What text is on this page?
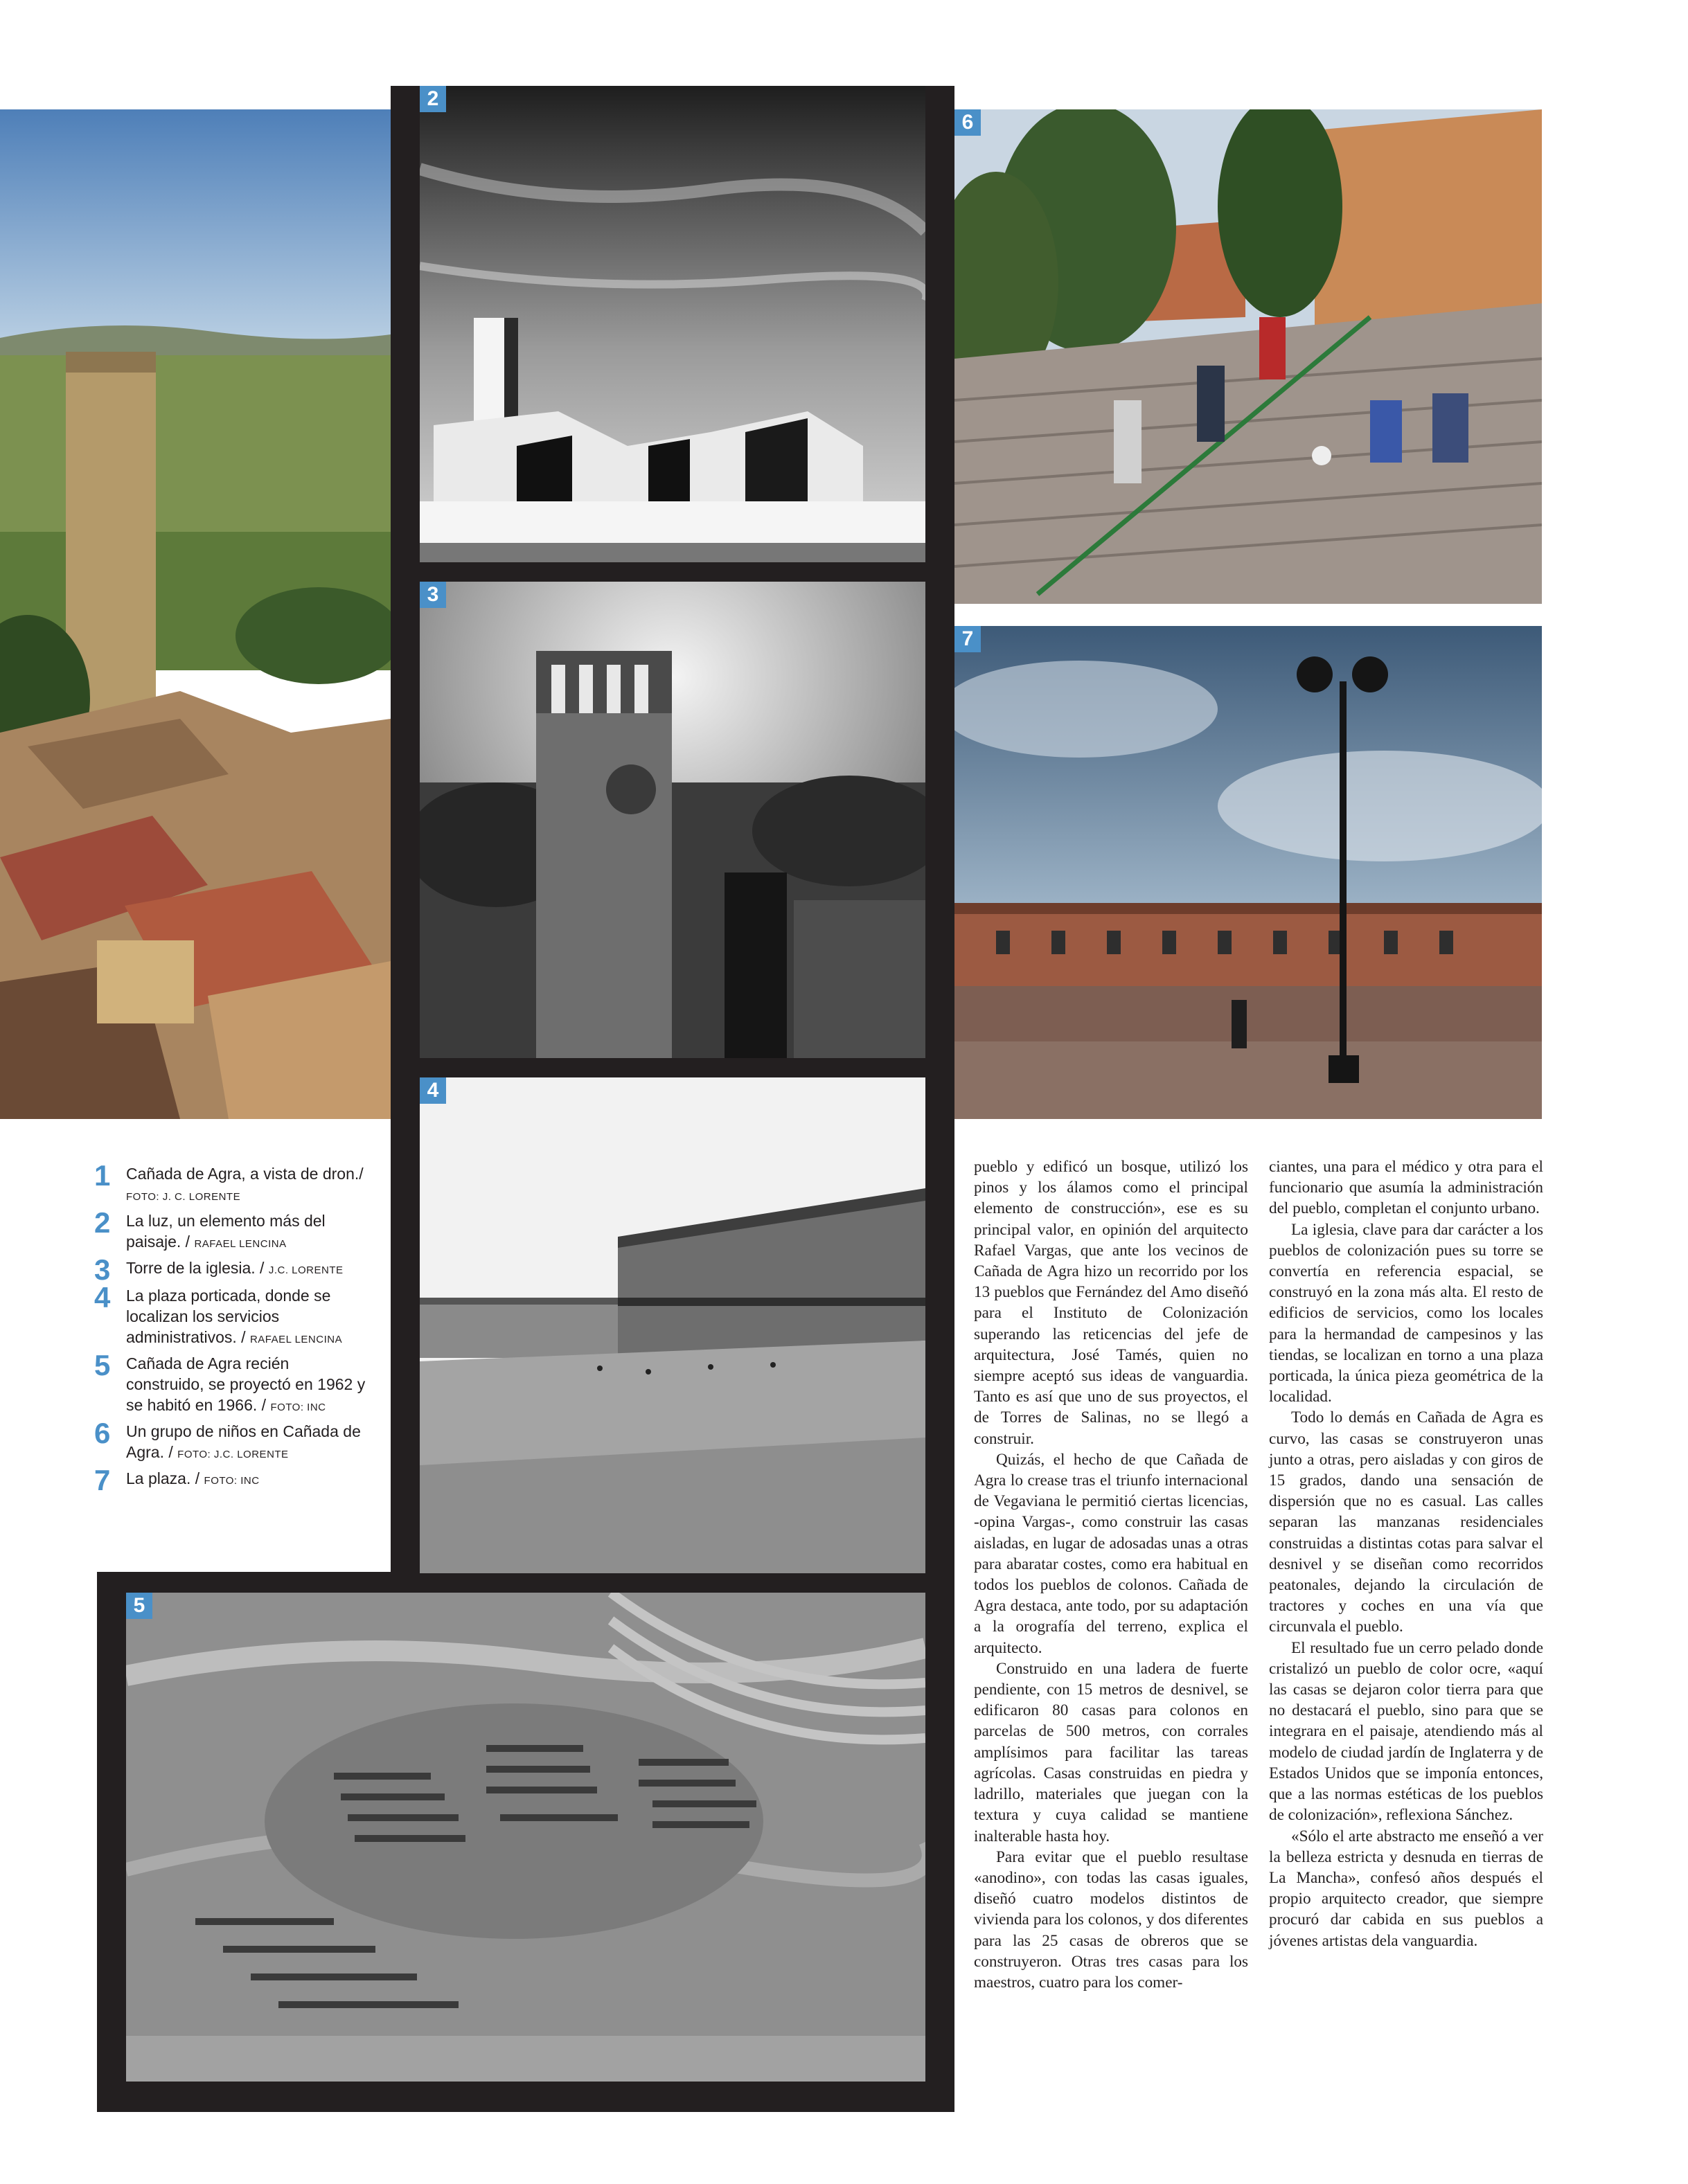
2
3
4
5
6
7
1 Cañada de Agra, a vista de dron./ FOTO: J. C. LORENTE
2 La luz, un elemento más del paisaje. / RAFAEL LENCINA
3 Torre de la iglesia. / J.C. LORENTE
4 La plaza porticada, donde se localizan los servicios administrativos. / RAFAEL LENCINA
5 Cañada de Agra recién construido, se proyectó en 1962 y se habitó en 1966. / FOTO: INC
6 Un grupo de niños en Cañada de Agra. / FOTO: J.C. LORENTE
7 La plaza. / FOTO: INC

pueblo y edificó un bosque, utilizó los pinos y los álamos como el principal elemento de construcción», ese es su principal valor, en opinión del arquitecto Rafael Vargas, que ante los vecinos de Cañada de Agra hizo un recorrido por los 13 pueblos que Fernández del Amo diseñó para el Instituto de Colonización superando las reticencias del jefe de arquitectura, José Tamés, quien no siempre aceptó sus ideas de vanguardia. Tanto es así que uno de sus proyectos, el de Torres de Salinas, no se llegó a construir.

Quizás, el hecho de que Cañada de Agra lo crease tras el triunfo internacional de Vegaviana le permitió ciertas licencias, -opina Vargas-, como construir las casas aisladas, en lugar de adosadas unas a otras para abaratar costes, como era habitual en todos los pueblos de colonos. Cañada de Agra destaca, ante todo, por su adaptación a la orografía del terreno, explica el arquitecto.

Construido en una ladera de fuerte pendiente, con 15 metros de desnivel, se edificaron 80 casas para colonos en parcelas de 500 metros, con corrales amplísimos para facilitar las tareas agrícolas. Casas construidas en piedra y ladrillo, materiales que juegan con la textura y cuya calidad se mantiene inalterable hasta hoy.

Para evitar que el pueblo resultase «anodino», con todas las casas iguales, diseñó cuatro modelos distintos de vivienda para los colonos, y dos diferentes para las 25 casas de obreros que se construyeron. Otras tres casas para los maestros, cuatro para los comer-

ciantes, una para el médico y otra para el funcionario que asumía la administración del pueblo, completan el conjunto urbano.

La iglesia, clave para dar carácter a los pueblos de colonización pues su torre se convertía en referencia espacial, se construyó en la zona más alta. El resto de edificios de servicios, como los locales para la hermandad de campesinos y las tiendas, se localizan en torno a una plaza porticada, la única pieza geométrica de la localidad.

Todo lo demás en Cañada de Agra es curvo, las casas se construyeron unas junto a otras, pero aisladas y con giros de 15 grados, dando una sensación de dispersión que no es casual. Las calles separan las manzanas residenciales construidas a distintas cotas para salvar el desnivel y se diseñan como recorridos peatonales, dejando la circulación de tractores y coches en una vía que circunvala el pueblo.

El resultado fue un cerro pelado donde cristalizó un pueblo de color ocre, «aquí las casas se dejaron color tierra para que no destacará el pueblo, sino para que se integrara en el paisaje, atendiendo más al modelo de ciudad jardín de Inglaterra y de Estados Unidos que se imponía entonces, que a las normas estéticas de los pueblos de colonización», reflexiona Sánchez.

«Sólo el arte abstracto me enseñó a ver la belleza estricta y desnuda en tierras de La Mancha», confesó años después el propio arquitecto creador, que siempre procuró dar cabida en sus pueblos a jóvenes artistas dela vanguardia.
